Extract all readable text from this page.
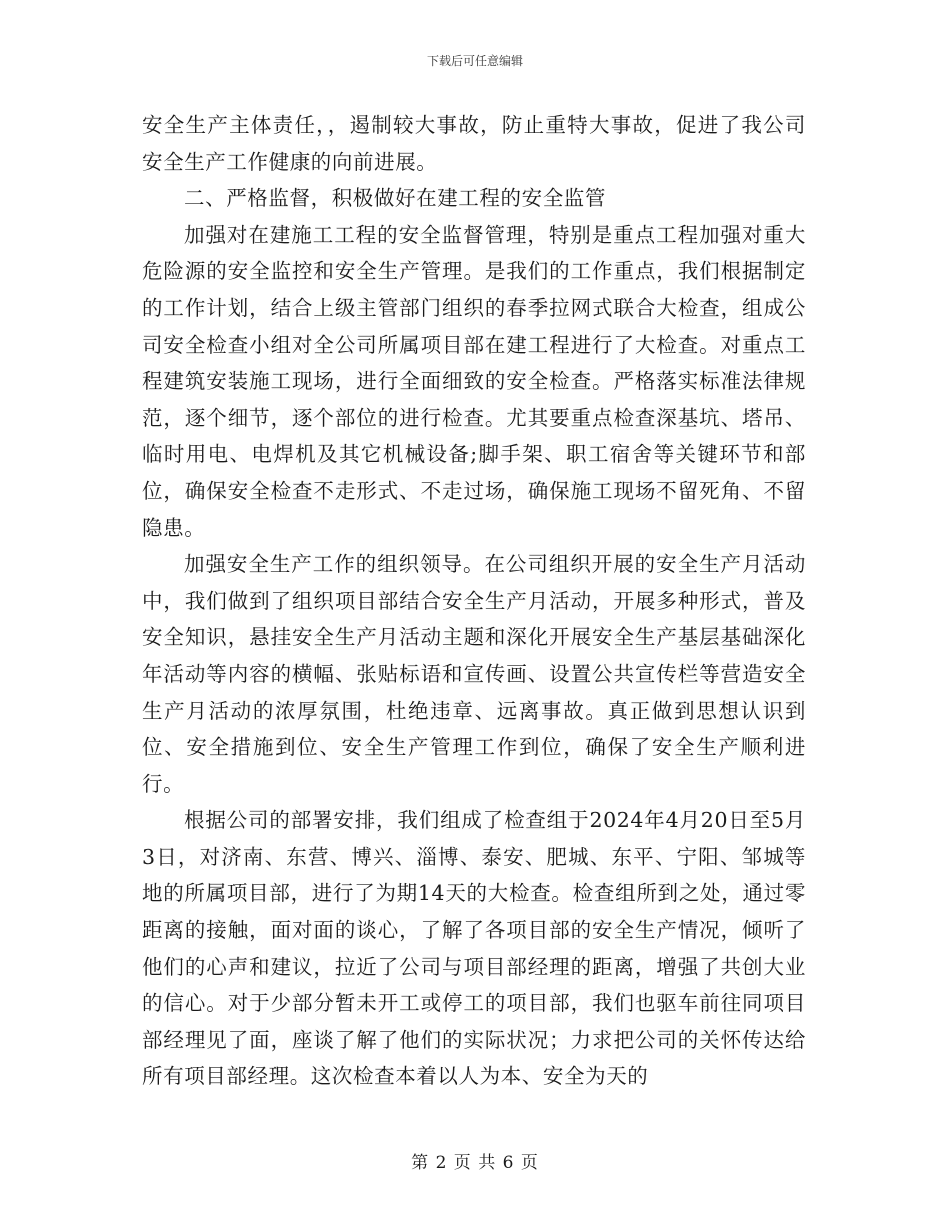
下载后可任意编辑

安全生产主体责任，，遏制较大事故，防止重特大事故，促进了我公司安全生产工作健康的向前进展。

二、严格监督，积极做好在建工程的安全监管

加强对在建施工工程的安全监督管理，特别是重点工程加强对重大危险源的安全监控和安全生产管理。是我们的工作重点，我们根据制定的工作计划，结合上级主管部门组织的春季拉网式联合大检查，组成公司安全检查小组对全公司所属项目部在建工程进行了大检查。对重点工程建筑安装施工现场，进行全面细致的安全检查。严格落实标准法律规范，逐个细节，逐个部位的进行检查。尤其要重点检查深基坑、塔吊、临时用电、电焊机及其它机械设备;脚手架、职工宿舍等关键环节和部位，确保安全检查不走形式、不走过场，确保施工现场不留死角、不留隐患。

加强安全生产工作的组织领导。在公司组织开展的安全生产月活动中，我们做到了组织项目部结合安全生产月活动，开展多种形式，普及安全知识，悬挂安全生产月活动主题和深化开展安全生产基层基础深化年活动等内容的横幅、张贴标语和宣传画、设置公共宣传栏等营造安全生产月活动的浓厚氛围，杜绝违章、远离事故。真正做到思想认识到位、安全措施到位、安全生产管理工作到位，确保了安全生产顺利进行。

根据公司的部署安排，我们组成了检查组于2024年4月20日至5月3日，对济南、东营、博兴、淄博、泰安、肥城、东平、宁阳、邹城等地的所属项目部，进行了为期14天的大检查。检查组所到之处，通过零距离的接触，面对面的谈心，了解了各项目部的安全生产情况，倾听了他们的心声和建议，拉近了公司与项目部经理的距离，增强了共创大业的信心。对于少部分暂未开工或停工的项目部，我们也驱车前往同项目部经理见了面，座谈了解了他们的实际状况；力求把公司的关怀传达给所有项目部经理。这次检查本着以人为本、安全为天的

第 2 页 共 6 页
